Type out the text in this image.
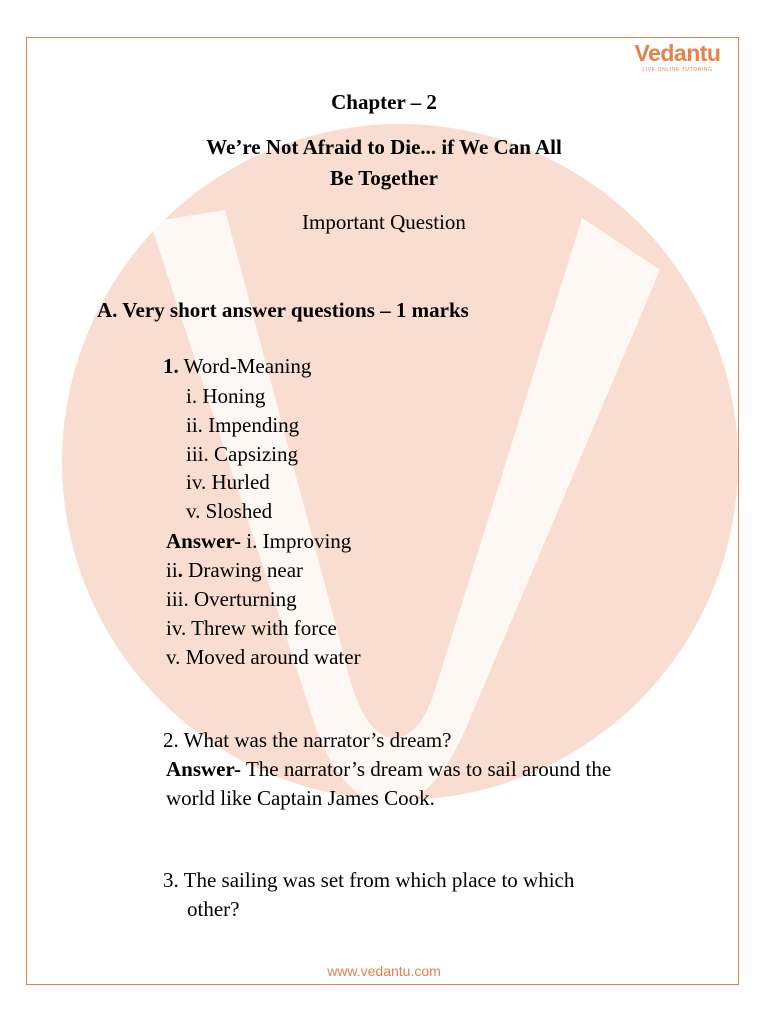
Vedantu
LIVE ONLINE TUTORING
Chapter – 2
We’re Not Afraid to Die... if We Can All
Be Together
Important Question
A. Very short answer questions – 1 marks
1. Word-Meaning
i. Honing
ii. Impending
iii. Capsizing
iv. Hurled
v. Sloshed
Answer- i. Improving
ii. Drawing near
iii. Overturning
iv. Threw with force
v. Moved around water
2. What was the narrator’s dream?
Answer- The narrator’s dream was to sail around the
world like Captain James Cook.
3. The sailing was set from which place to which
other?
www.vedantu.com
